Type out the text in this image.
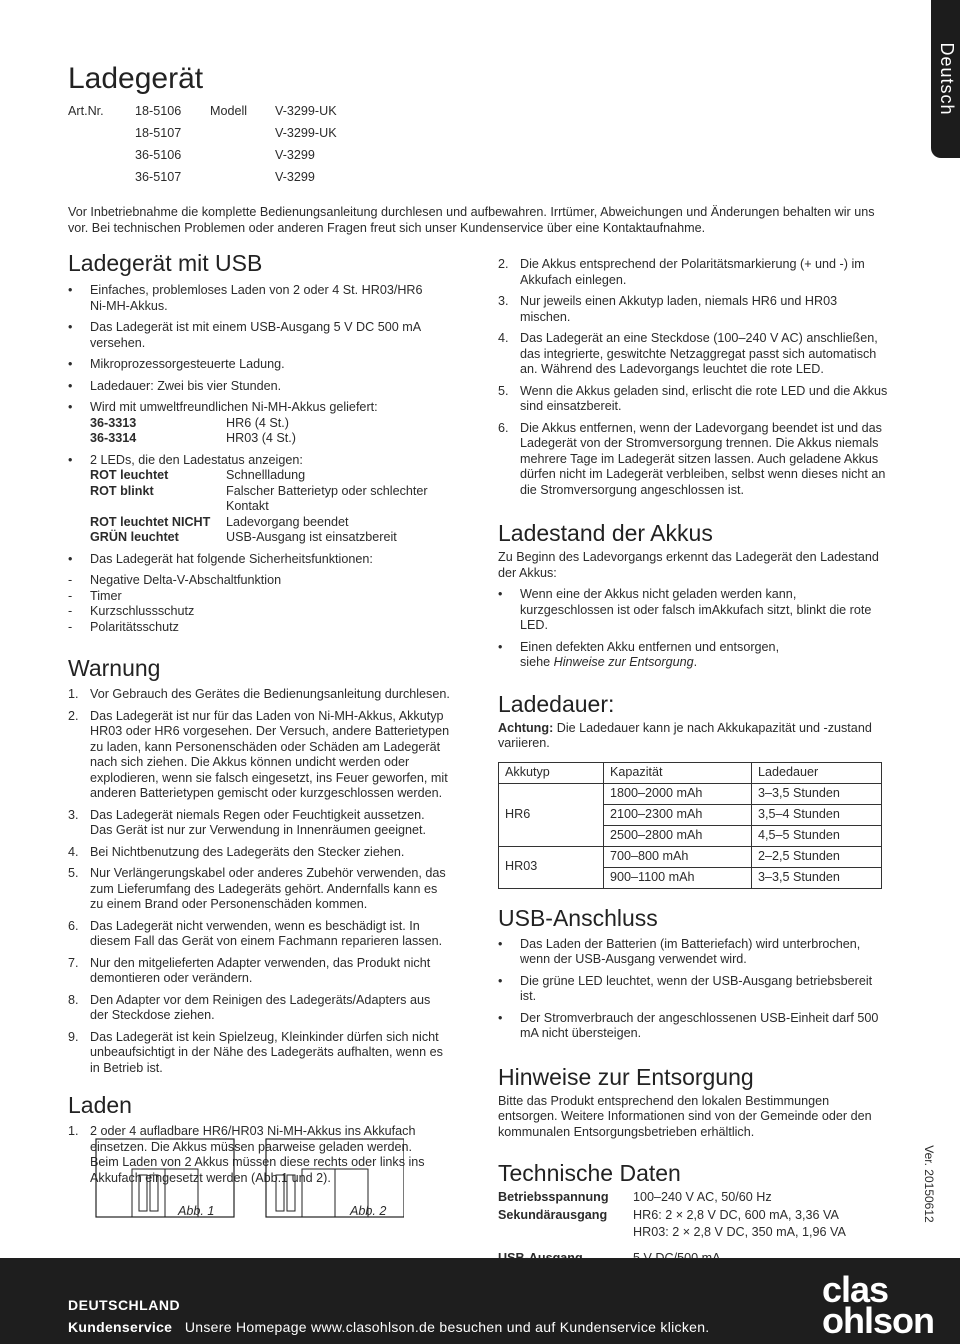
Deutsch
Ladegerät
Art.Nr.	18-5106	Modell	V-3299-UK
18-5107	V-3299-UK
36-5106	V-3299
36-5107	V-3299
Vor Inbetriebnahme die komplette Bedienungsanleitung durchlesen und aufbewahren. Irrtümer, Abweichungen und Änderungen behalten wir uns
vor. Bei technischen Problemen oder anderen Fragen freut sich unser Kundenservice über eine Kontaktaufnahme.
Ladegerät mit USB
• Einfaches, problemloses Laden von 2 oder 4 St. HR03/HR6 Ni-MH-Akkus.
• Das Ladegerät ist mit einem USB-Ausgang 5 V DC 500 mA versehen.
• Mikroprozessorgesteuerte Ladung.
• Ladedauer: Zwei bis vier Stunden.
• Wird mit umweltfreundlichen Ni-MH-Akkus geliefert:
36-3313	HR6 (4 St.)
36-3314	HR03 (4 St.)
• 2 LEDs, die den Ladestatus anzeigen:
ROT leuchtet	Schnellladung
ROT blinkt	Falscher Batterietyp oder schlechter Kontakt
ROT leuchtet NICHT	Ladevorgang beendet
GRÜN leuchtet	USB-Ausgang ist einsatzbereit
• Das Ladegerät hat folgende Sicherheitsfunktionen:
- Negative Delta-V-Abschaltfunktion
- Timer
- Kurzschlussschutz
- Polaritätsschutz
Warnung
1. Vor Gebrauch des Gerätes die Bedienungsanleitung durchlesen.
2. Das Ladegerät ist nur für das Laden von Ni-MH-Akkus, Akkutyp HR03 oder HR6 vorgesehen. Der Versuch, andere Batterietypen zu laden, kann Personenschäden oder Schäden am Ladegerät nach sich ziehen. Die Akkus können undicht werden oder explodieren, wenn sie falsch eingesetzt, ins Feuer geworfen, mit anderen Batterietypen gemischt oder kurzgeschlossen werden.
3. Das Ladegerät niemals Regen oder Feuchtigkeit aussetzen. Das Gerät ist nur zur Verwendung in Innenräumen geeignet.
4. Bei Nichtbenutzung des Ladegeräts den Stecker ziehen.
5. Nur Verlängerungskabel oder anderes Zubehör verwenden, das zum Lieferumfang des Ladegeräts gehört. Andernfalls kann es zu einem Brand oder Personenschäden kommen.
6. Das Ladegerät nicht verwenden, wenn es beschädigt ist. In diesem Fall das Gerät von einem Fachmann reparieren lassen.
7. Nur den mitgelieferten Adapter verwenden, das Produkt nicht demontieren oder verändern.
8. Den Adapter vor dem Reinigen des Ladegeräts/Adapters aus der Steckdose ziehen.
9. Das Ladegerät ist kein Spielzeug, Kleinkinder dürfen sich nicht unbeaufsichtigt in der Nähe des Ladegeräts aufhalten, wenn es in Betrieb ist.
Laden
1. 2 oder 4 aufladbare HR6/HR03 Ni-MH-Akkus ins Akkufach einsetzen. Die Akkus müssen paarweise geladen werden. Beim Laden von 2 Akkus müssen diese rechts oder links ins Akkufach eingesetzt werden (Abb.1 und 2).
Abb. 1	Abb. 2
2. Die Akkus entsprechend der Polaritätsmarkierung (+ und -) im Akkufach einlegen.
3. Nur jeweils einen Akkutyp laden, niemals HR6 und HR03 mischen.
4. Das Ladegerät an eine Steckdose (100–240 V AC) anschließen, das integrierte, geswitchte Netzaggregat passt sich automatisch an. Während des Ladevorgangs leuchtet die rote LED.
5. Wenn die Akkus geladen sind, erlischt die rote LED und die Akkus sind einsatzbereit.
6. Die Akkus entfernen, wenn der Ladevorgang beendet ist und das Ladegerät von der Stromversorgung trennen. Die Akkus niemals mehrere Tage im Ladegerät sitzen lassen. Auch geladene Akkus dürfen nicht im Ladegerät verbleiben, selbst wenn dieses nicht an die Stromversorgung angeschlossen ist.
Ladestand der Akkus
Zu Beginn des Ladevorgangs erkennt das Ladegerät den Ladestand der Akkus:
• Wenn eine der Akkus nicht geladen werden kann, kurzgeschlossen ist oder falsch imAkkufach sitzt, blinkt die rote LED.
• Einen defekten Akku entfernen und entsorgen,
siehe Hinweise zur Entsorgung.
Ladedauer:
Achtung: Die Ladedauer kann je nach Akkukapazität und -zustand variieren.
Akkutyp	Kapazität	Ladedauer
HR6	1800–2000 mAh	3–3,5 Stunden
	2100–2300 mAh	3,5–4 Stunden
	2500–2800 mAh	4,5–5 Stunden
HR03	700–800 mAh	2–2,5 Stunden
	900–1100 mAh	3–3,5 Stunden
USB-Anschluss
• Das Laden der Batterien (im Batteriefach) wird unterbrochen, wenn der USB-Ausgang verwendet wird.
• Die grüne LED leuchtet, wenn der USB-Ausgang betriebsbereit ist.
• Der Stromverbrauch der angeschlossenen USB-Einheit darf 500 mA nicht übersteigen.
Hinweise zur Entsorgung
Bitte das Produkt entsprechend den lokalen Bestimmungen entsorgen. Weitere Informationen sind von der Gemeinde oder den kommunalen Entsorgungsbetrieben erhältlich.
Technische Daten
Betriebsspannung	100–240 V AC, 50/60 Hz
Sekundärausgang	HR6: 2 × 2,8 V DC, 600 mA, 3,36 VA
HR03: 2 × 2,8 V DC, 350 mA, 1,96 VA
Ver. 20150612
DEUTSCHLAND
Kundenservice Unsere Homepage www.clasohlson.de besuchen und auf Kundenservice klicken.
clas
ohlson
